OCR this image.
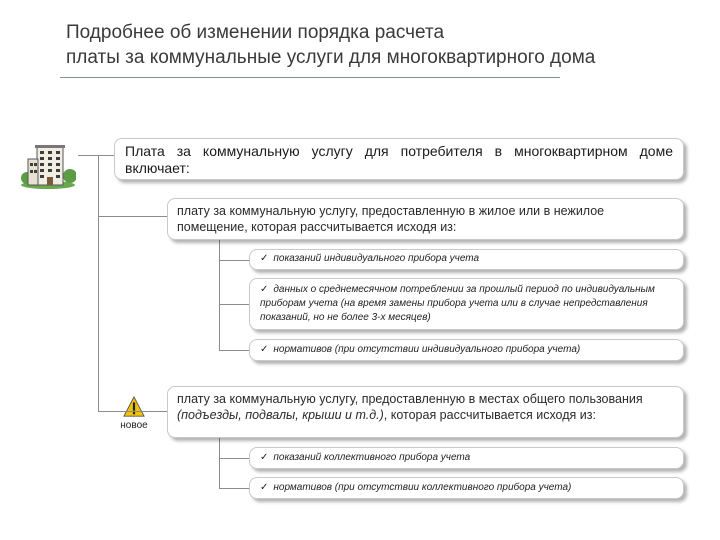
Подробнее об изменении порядка расчета
платы за коммунальные услуги для многоквартирного дома
новое
Плата за коммунальную услугу для потребителя в многоквартирном доме включает:
плату за коммунальную услугу, предоставленную в жилое или в нежилое помещение, которая рассчитывается исходя из:
✓ показаний индивидуального прибора учета
✓ данных о среднемесячном потреблении за прошлый период по индивидуальным приборам учета (на время замены прибора учета или в случае непредставления показаний, но не более 3-х месяцев)
✓ нормативов (при отсутствии индивидуального прибора учета)
плату за коммунальную услугу, предоставленную в местах общего пользования (подъезды, подвалы, крыши и т.д.), которая рассчитывается исходя из:
✓ показаний коллективного прибора учета
✓ нормативов (при отсутствии коллективного прибора учета)
